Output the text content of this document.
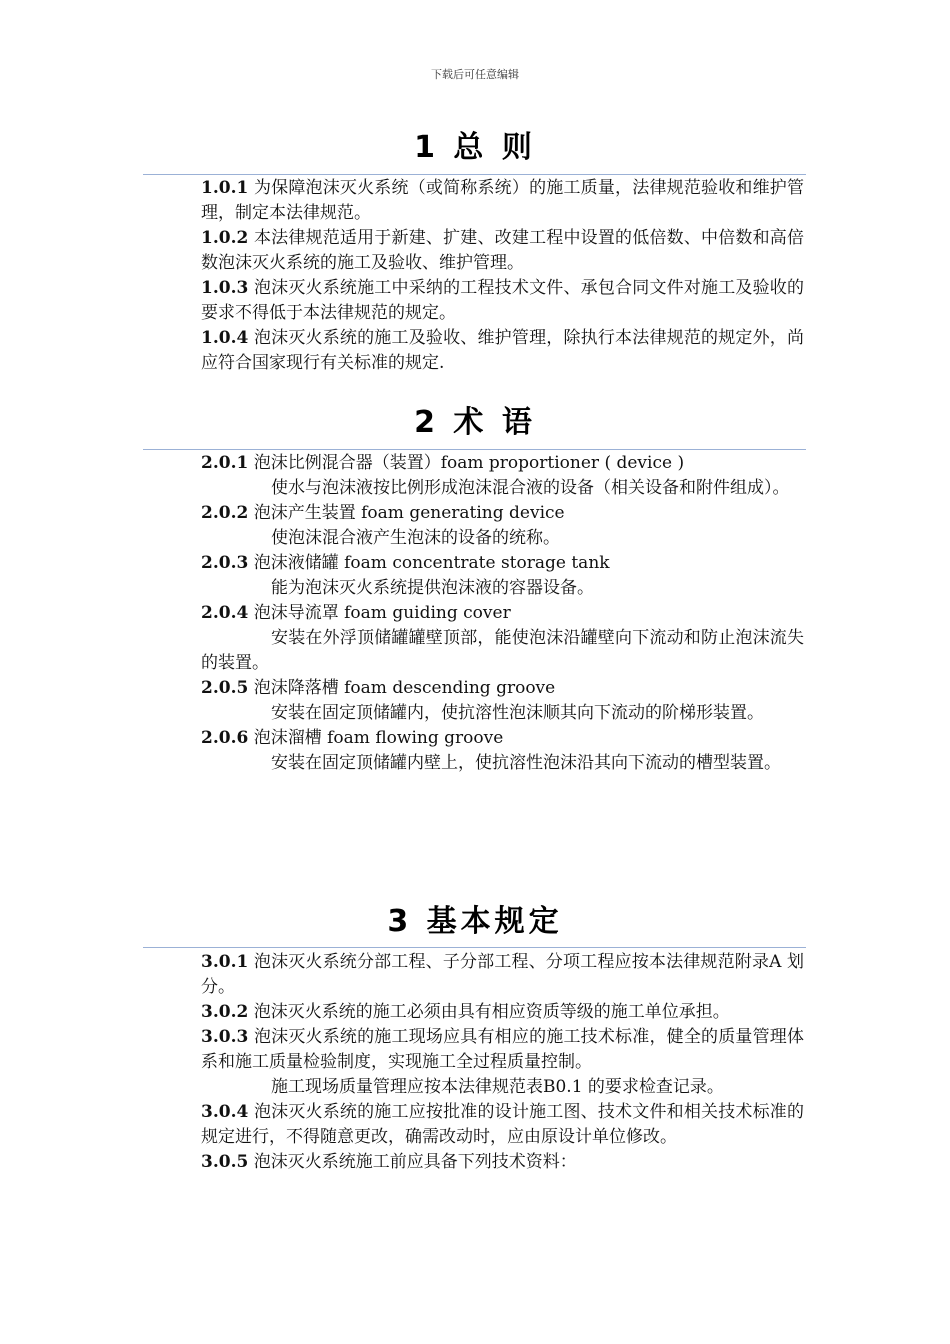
下载后可任意编辑
1 总 则

1.0.1 为保障泡沫灭火系统（或简称系统）的施工质量，法律规范验收和维护管理，制定本法律规范。

1.0.2 本法律规范适用于新建、扩建、改建工程中设置的低倍数、中倍数和高倍数泡沫灭火系统的施工及验收、维护管理。

1.0.3 泡沫灭火系统施工中采纳的工程技术文件、承包合同文件对施工及验收的要求不得低于本法律规范的规定。

1.0.4 泡沫灭火系统的施工及验收、维护管理，除执行本法律规范的规定外，尚应符合国家现行有关标准的规定.

2 术 语

2.0.1 泡沫比例混合器（装置）foam proportioner ( device )

使水与泡沫液按比例形成泡沫混合液的设备（相关设备和附件组成）。

2.0.2 泡沫产生装置 foam generating device

使泡沫混合液产生泡沫的设备的统称。

2.0.3 泡沫液储罐 foam concentrate storage tank

能为泡沫灭火系统提供泡沫液的容器设备。

2.0.4 泡沫导流罩 foam guiding cover

安装在外浮顶储罐罐壁顶部，能使泡沫沿罐壁向下流动和防止泡沫流失的装置。

2.0.5 泡沫降落槽 foam descending groove

安装在固定顶储罐内，使抗溶性泡沫顺其向下流动的阶梯形装置。

2.0.6 泡沫溜槽 foam flowing groove

安装在固定顶储罐内壁上，使抗溶性泡沫沿其向下流动的槽型装置。

3 基本规定

3.0.1 泡沫灭火系统分部工程、子分部工程、分项工程应按本法律规范附录A 划分。

3.0.2 泡沫灭火系统的施工必须由具有相应资质等级的施工单位承担。

3.0.3 泡沫灭火系统的施工现场应具有相应的施工技术标准，健全的质量管理体系和施工质量检验制度，实现施工全过程质量控制。

施工现场质量管理应按本法律规范表B0.1 的要求检查记录。

3.0.4 泡沫灭火系统的施工应按批准的设计施工图、技术文件和相关技术标准的规定进行，不得随意更改，确需改动时，应由原设计单位修改。

3.0.5 泡沫灭火系统施工前应具备下列技术资料：
